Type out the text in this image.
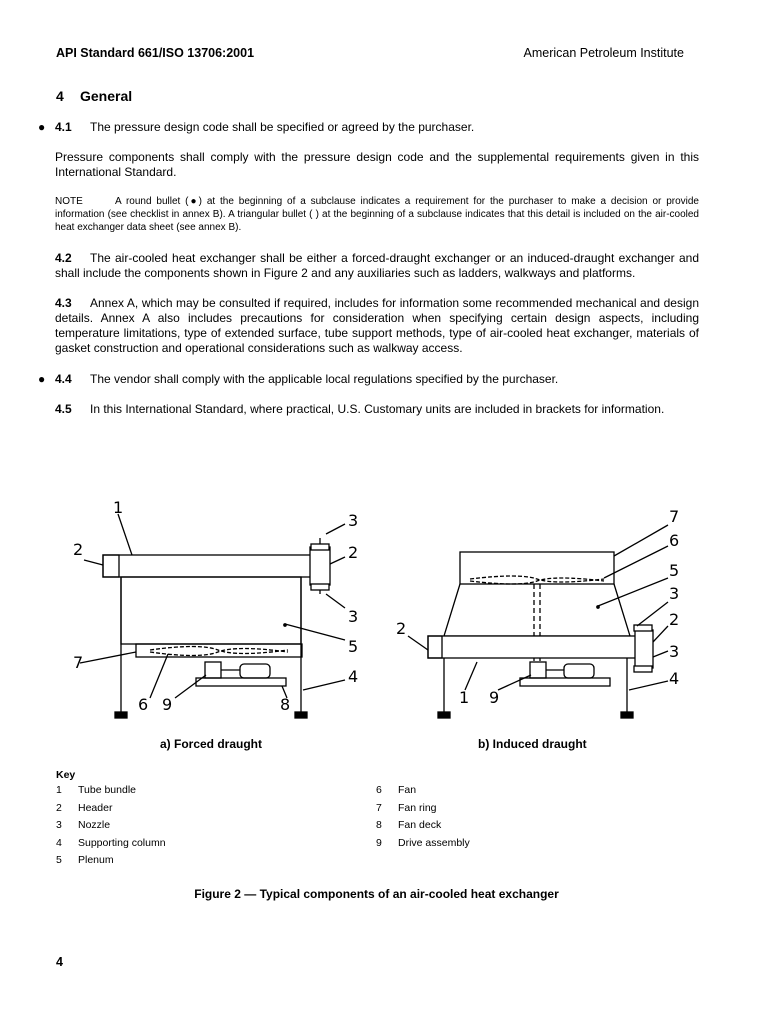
API Standard 661/ISO 13706:2001	American Petroleum Institute
4 General
● 4.1 The pressure design code shall be specified or agreed by the purchaser.
Pressure components shall comply with the pressure design code and the supplemental requirements given in this International Standard.
NOTE	A round bullet (●) at the beginning of a subclause indicates a requirement for the purchaser to make a decision or provide information (see checklist in annex B). A triangular bullet ( ) at the beginning of a subclause indicates that this detail is included on the air-cooled heat exchanger data sheet (see annex B).
4.2 The air-cooled heat exchanger shall be either a forced-draught exchanger or an induced-draught exchanger and shall include the components shown in Figure 2 and any auxiliaries such as ladders, walkways and platforms.
4.3 Annex A, which may be consulted if required, includes for information some recommended mechanical and design details. Annex A also includes precautions for consideration when specifying certain design aspects, including temperature limitations, type of extended surface, tube support methods, type of air-cooled heat exchanger, materials of gasket construction and operational considerations such as walkway access.
● 4.4 The vendor shall comply with the applicable local regulations specified by the purchaser.
4.5 In this International Standard, where practical, U.S. Customary units are included in brackets for information.
1
2
3
2
3
5
4
7
6 9	8
7
6
5
3
2
3
4
2
1 9
a) Forced draught	b) Induced draught
Key
1 Tube bundle
2 Header
3 Nozzle
4 Supporting column
5 Plenum
6 Fan
7 Fan ring
8 Fan deck
9 Drive assembly
Figure 2 — Typical components of an air-cooled heat exchanger
4
